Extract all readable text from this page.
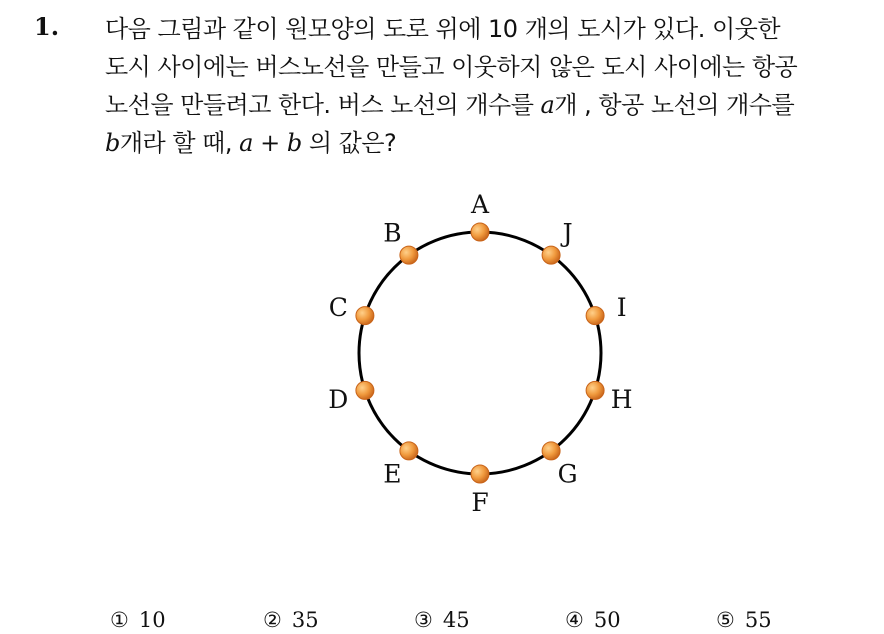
1. 다음 그림과 같이 원모양의 도로 위에 10 개의 도시가 있다. 이웃한
도시 사이에는 버스노선을 만들고 이웃하지 않은 도시 사이에는 항공
노선을 만들려고 한다. 버스 노선의 개수를 a개 , 항공 노선의 개수를
b개라 할 때, a + b 의 값은?
A
J
I
H
G
F
E
D
C
B
① 10	② 35	③ 45	④ 50	⑤ 55
